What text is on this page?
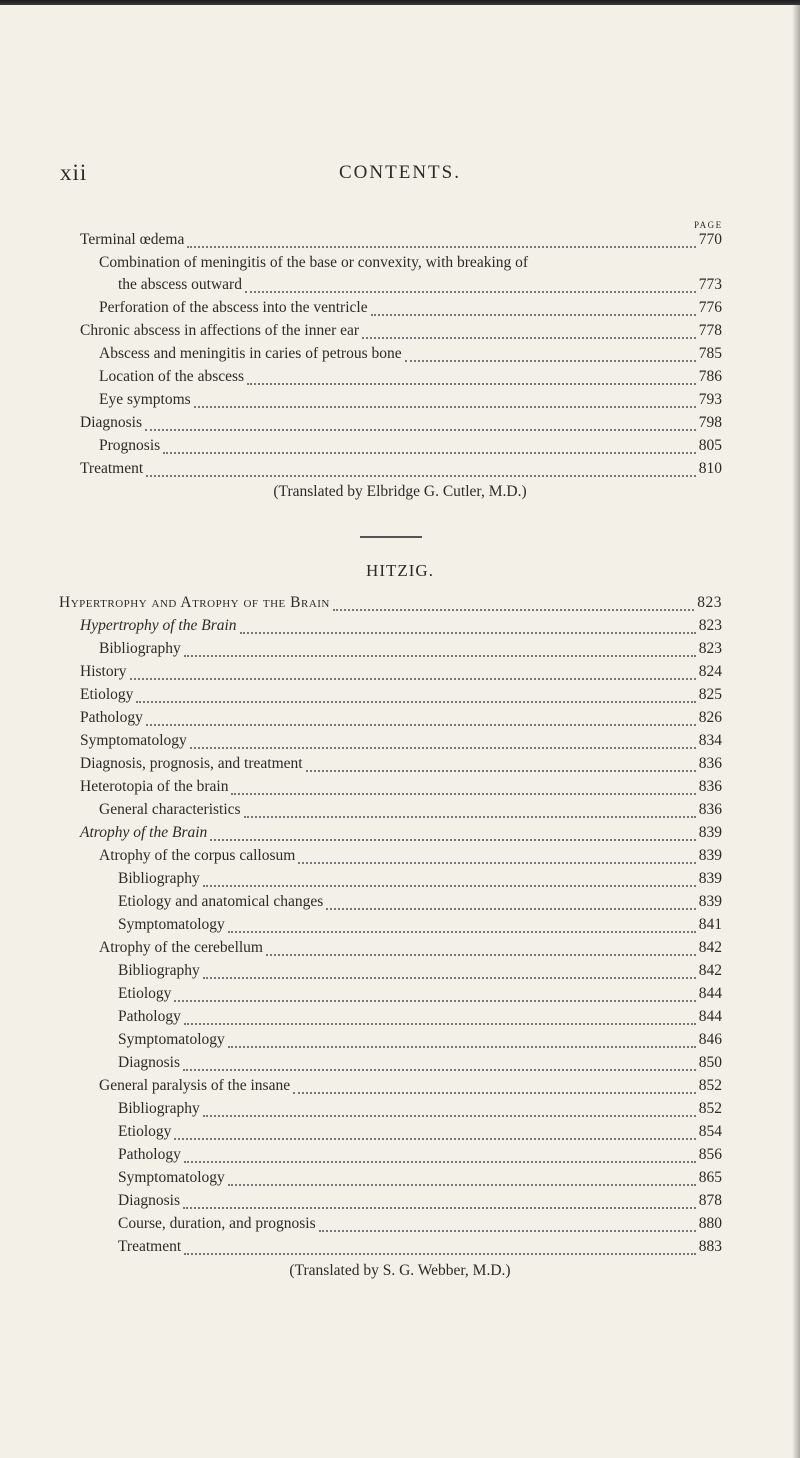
xii	CONTENTS.
PAGE
Terminal œdema	770
Combination of meningitis of the base or convexity, with breaking of
the abscess outward	773
Perforation of the abscess into the ventricle	776
Chronic abscess in affections of the inner ear	778
Abscess and meningitis in caries of petrous bone	785
Location of the abscess	786
Eye symptoms	793
Diagnosis	798
Prognosis	805
Treatment	810
(Translated by Elbridge G. Cutler, M.D.)
HITZIG.
Hypertrophy and Atrophy of the Brain	823
Hypertrophy of the Brain	823
Bibliography	823
History	824
Etiology	825
Pathology	826
Symptomatology	834
Diagnosis, prognosis, and treatment	836
Heterotopia of the brain	836
General characteristics	836
Atrophy of the Brain	839
Atrophy of the corpus callosum	839
Bibliography	839
Etiology and anatomical changes	839
Symptomatology	841
Atrophy of the cerebellum	842
Bibliography	842
Etiology	844
Pathology	844
Symptomatology	846
Diagnosis	850
General paralysis of the insane	852
Bibliography	852
Etiology	854
Pathology	856
Symptomatology	865
Diagnosis	878
Course, duration, and prognosis	880
Treatment	883
(Translated by S. G. Webber, M.D.)
